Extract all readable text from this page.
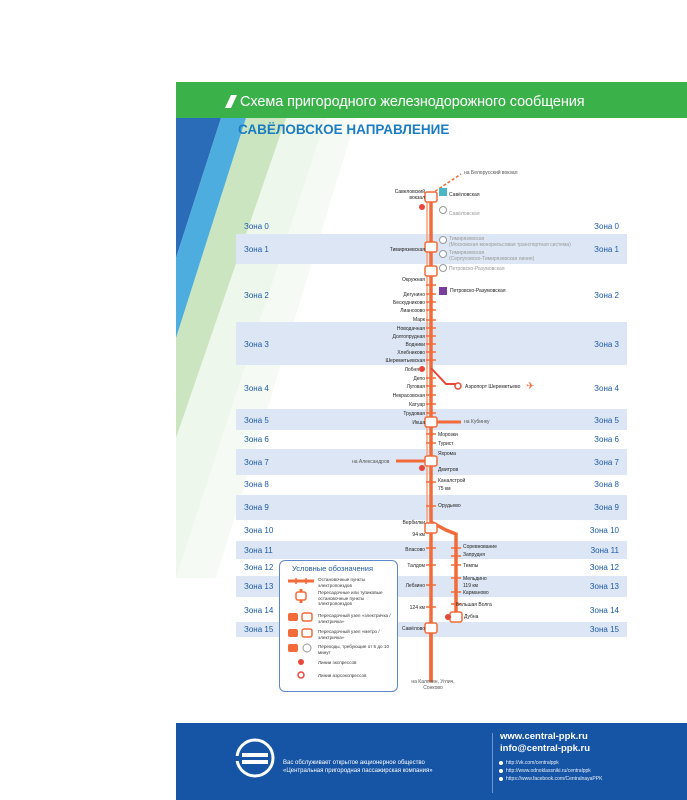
Схема пригородного железнодорожного сообщения
САВЁЛОВСКОЕ НАПРАВЛЕНИЕ
Зона 0
Зона 1
Зона 2
Зона 3
Зона 4
Зона 5
Зона 6
Зона 7
Зона 8
Зона 9
Зона 10
Зона 11
Зона 12
Зона 13
Зона 14
Зона 15
Зона 0
Зона 1
Зона 2
Зона 3
Зона 4
Зона 5
Зона 6
Зона 7
Зона 8
Зона 9
Зона 10
Зона 11
Зона 12
Зона 13
Зона 14
Зона 15
✈
на Белорусский вокзал
на Кубинку
на Александров
на Калязин, Углич, Сонково
Савеловский вокзал
Тимирязевская
Окружная
Дегунино
Бескудниково
Лианозово
Марк
Новодачная
Долгопрудная
Водники
Хлебниково
Шереметьевская
Лобня
Депо
Луговая
Некрасовская
Катуар
Трудовая
Икша
Вербилки
94 км
Власово
Талдом
Лебзино
124 км
Савёлово
Савёловская
Савёловская
Тимирязевская
(Московская монорельсовая транспортная система)
Тимирязевская
(Серпуховско-Тимирязевская линия)
Петровско-Разумовская
Петровско-Разумовская
Аэропорт Шереметьево
Морозки
Турист
Яхрома
Дмитров
Каналстрой
75 км
Орудьево
Соревнование
Запрудня
Темпы
Мельдино
119 км
Карманово
Большая Волга
Дубна
Условные обозначения
Остановочные пункты электропоездов
Пересадочные или тупиковые остановочные пункты электропоездов
Пересадочный узел «электричка / электричка»
Пересадочный узел «метро / электричка»
Переходы, требующие от 5 до 10 минут
Линии экспрессов
Линии аэроэкспрессов
Вас обслуживает открытое акционерное общество
«Центральная пригородная пассажирская компания»
www.central-ppk.ru
info@central-ppk.ru
http://vk.com/centralppk
http://www.odnoklassniki.ru/centralppk
https://www.facebook.com/CentralnayaPPK
